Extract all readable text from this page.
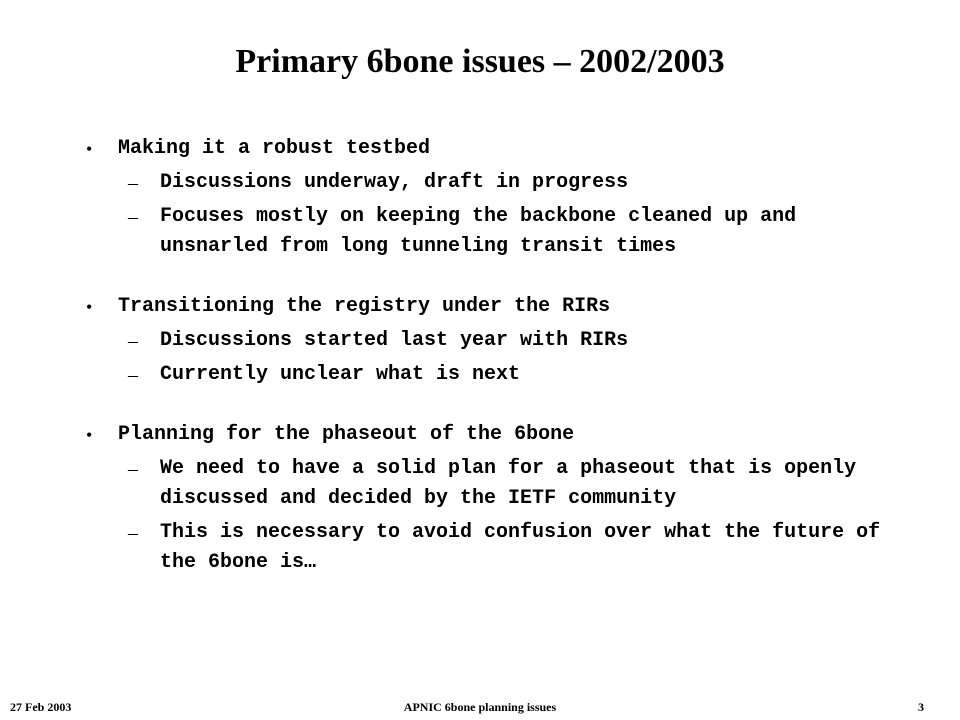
Primary 6bone issues – 2002/2003
•	Making it a robust testbed
–	Discussions underway, draft in progress
–	Focuses mostly on keeping the backbone cleaned up and unsnarled from long tunneling transit times
•	Transitioning the registry under the RIRs
–	Discussions started last year with RIRs
–	Currently unclear what is next
•	Planning for the phaseout of the 6bone
–	We need to have a solid plan for a phaseout that is openly discussed and decided by the IETF community
–	This is necessary to avoid confusion over what the future of the 6bone is…
27 Feb 2003	APNIC 6bone planning issues	3
